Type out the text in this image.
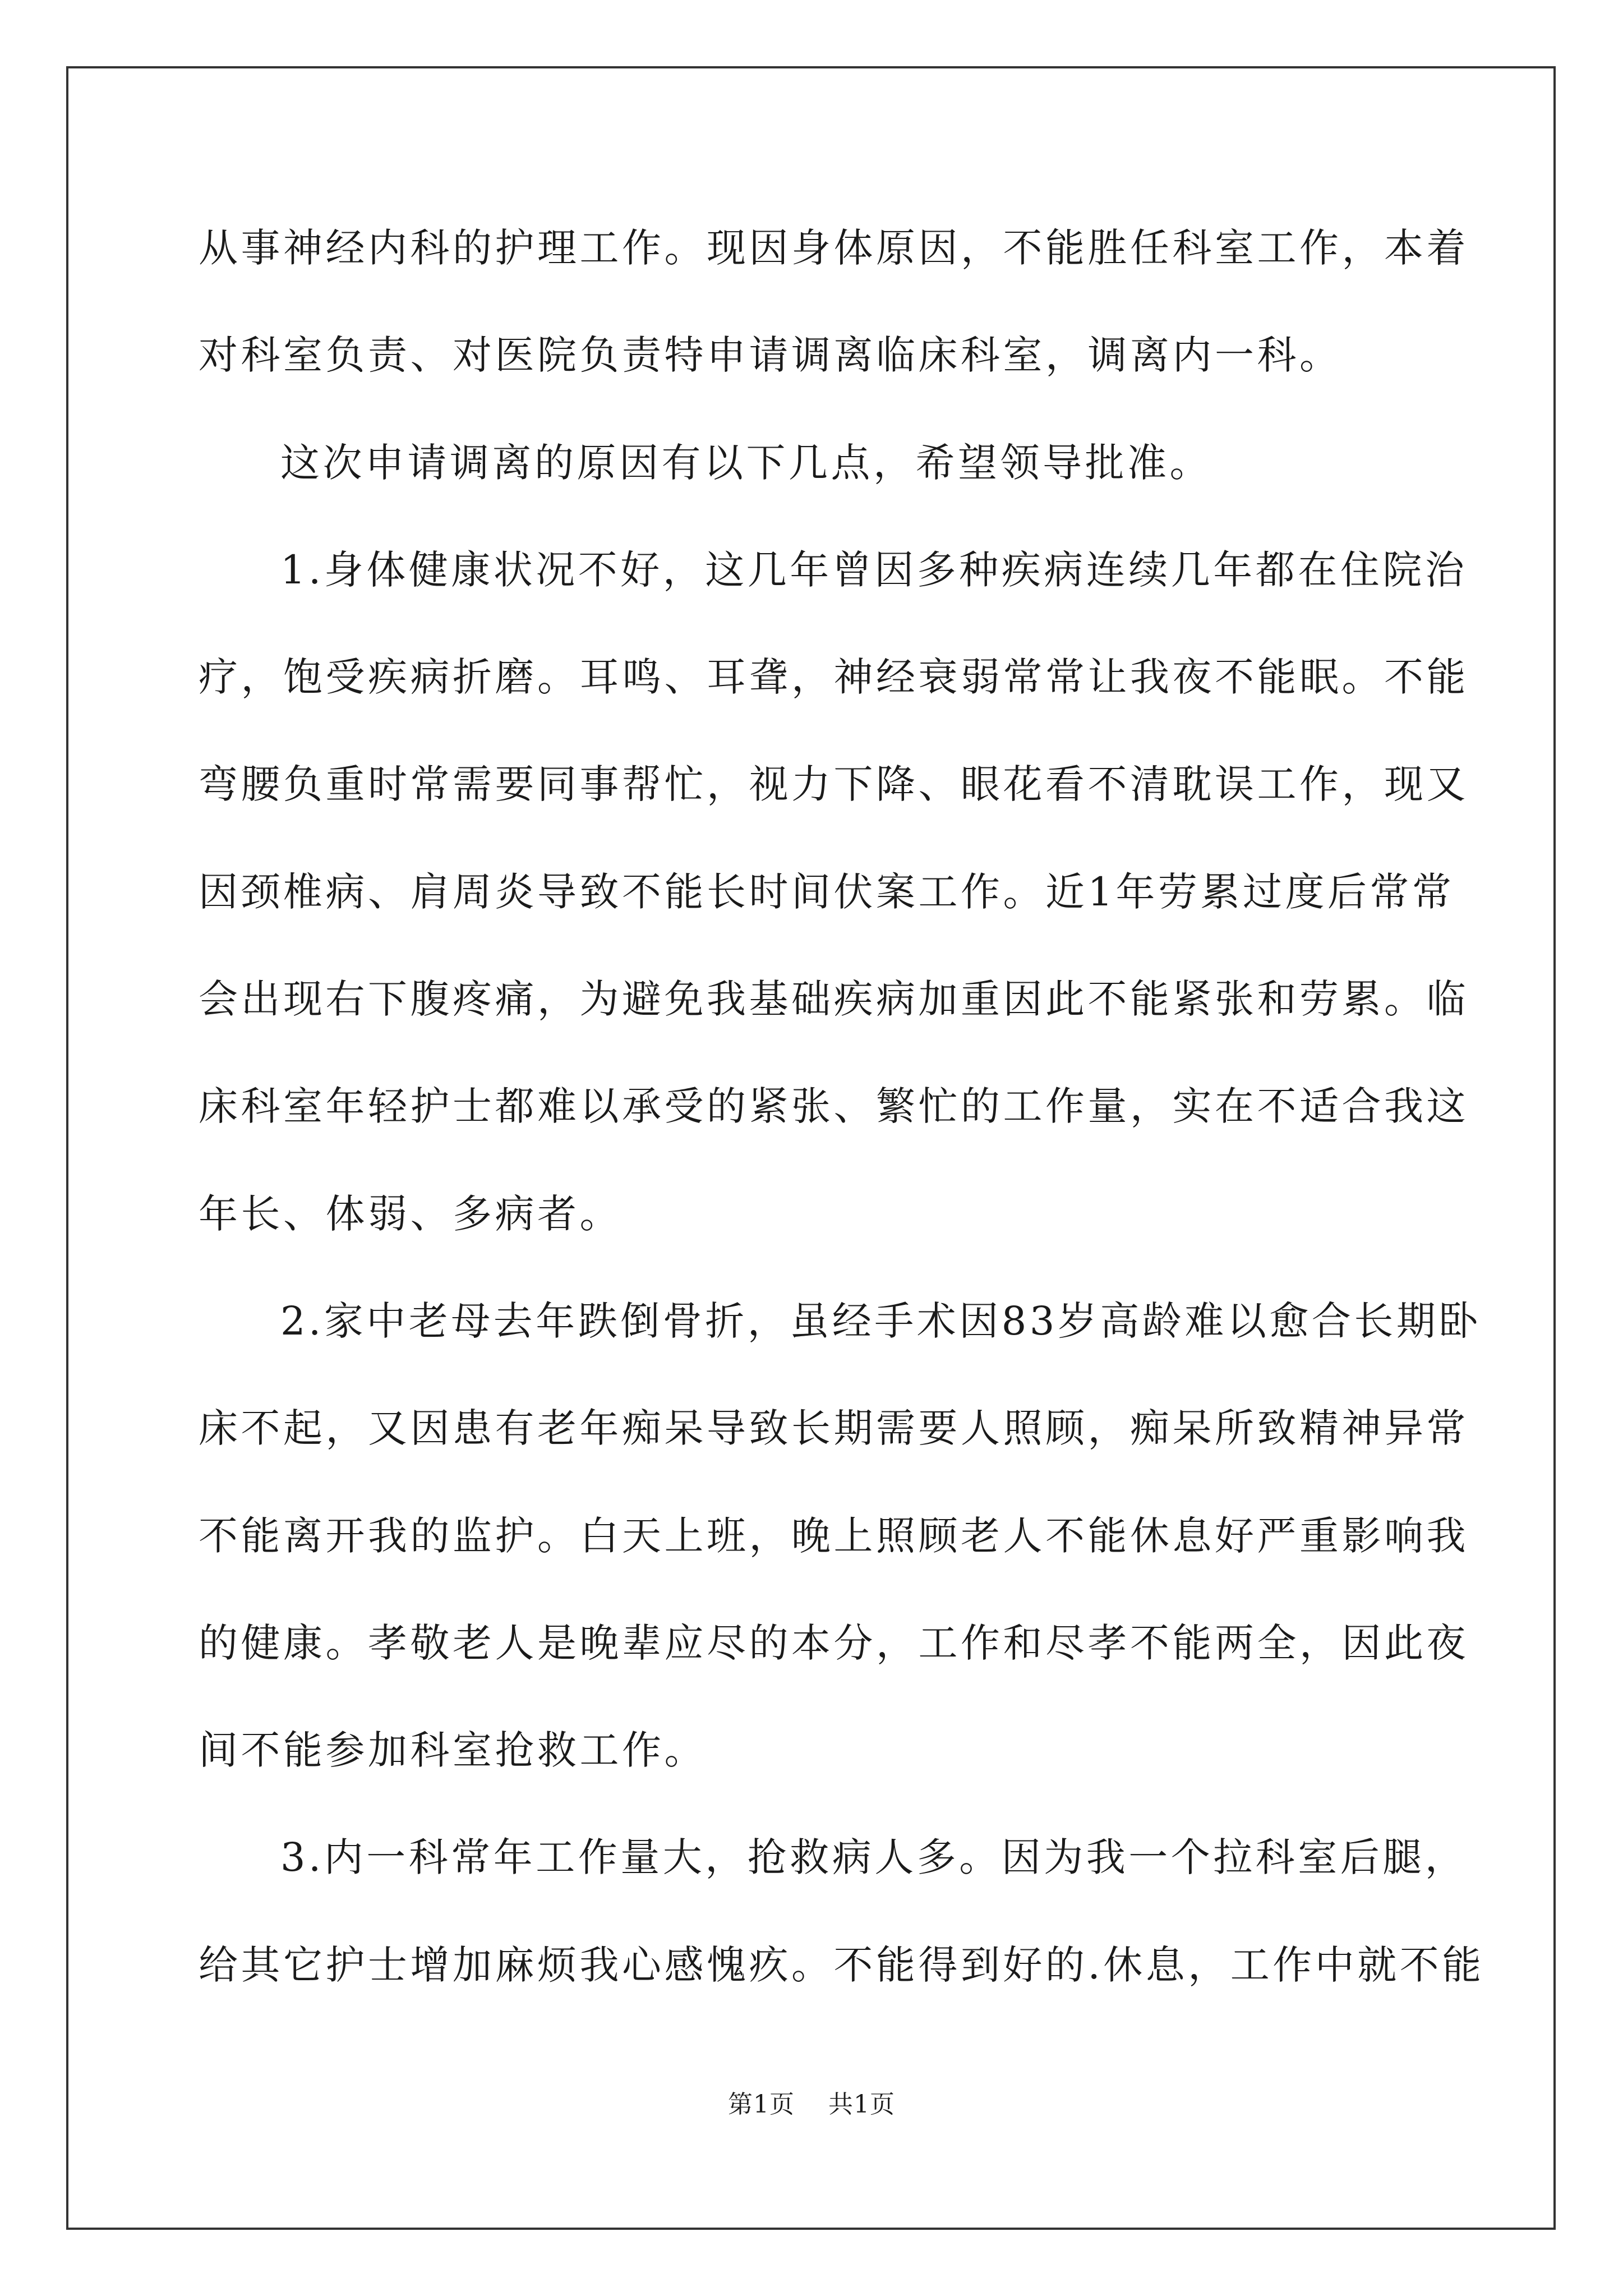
从事神经内科的护理工作。现因身体原因，不能胜任科室工作，本着
对科室负责、对医院负责特申请调离临床科室，调离内一科。
这次申请调离的原因有以下几点，希望领导批准。
1.身体健康状况不好，这几年曾因多种疾病连续几年都在住院治
疗，饱受疾病折磨。耳鸣、耳聋，神经衰弱常常让我夜不能眠。不能
弯腰负重时常需要同事帮忙，视力下降、眼花看不清耽误工作，现又
因颈椎病、肩周炎导致不能长时间伏案工作。近1年劳累过度后常常
会出现右下腹疼痛，为避免我基础疾病加重因此不能紧张和劳累。临
床科室年轻护士都难以承受的紧张、繁忙的工作量，实在不适合我这
年长、体弱、多病者。
2.家中老母去年跌倒骨折，虽经手术因83岁高龄难以愈合长期卧
床不起，又因患有老年痴呆导致长期需要人照顾，痴呆所致精神异常
不能离开我的监护。白天上班，晚上照顾老人不能休息好严重影响我
的健康。孝敬老人是晚辈应尽的本分，工作和尽孝不能两全，因此夜
间不能参加科室抢救工作。
3.内一科常年工作量大，抢救病人多。因为我一个拉科室后腿，
给其它护士增加麻烦我心感愧疚。不能得到好的.休息，工作中就不能
第1页 共1页
